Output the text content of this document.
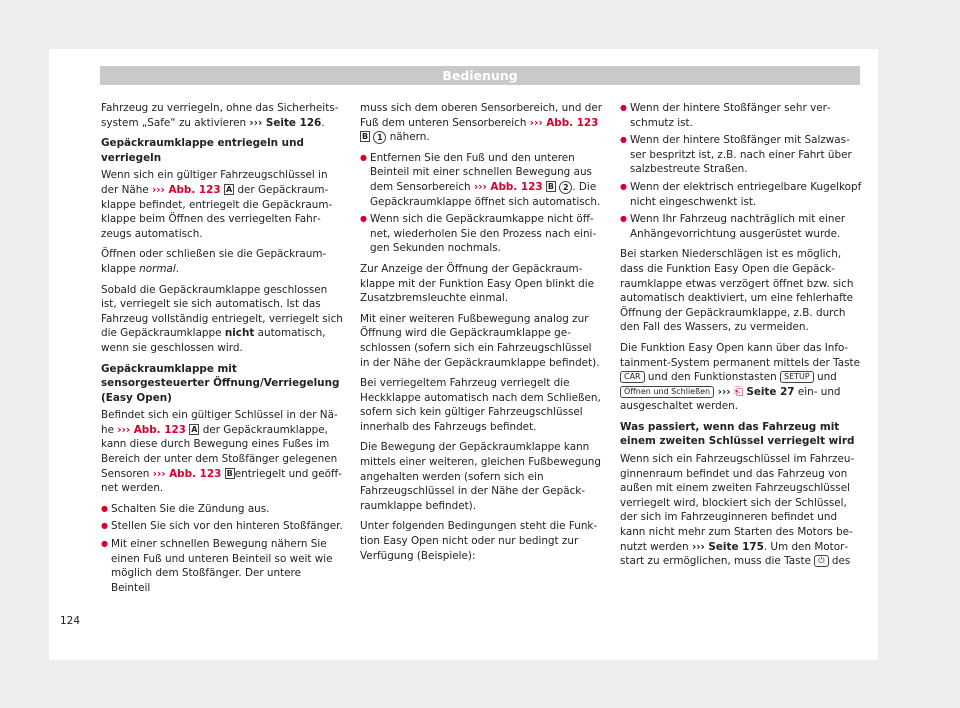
Bedienung

Fahrzeug zu verriegeln, ohne das Sicherheitssystem „Safe“ zu aktivieren ››› Seite 126.

Gepäckraumklappe entriegeln und verriegeln

Wenn sich ein gültiger Fahrzeugschlüssel in der Nähe ››› Abb. 123 A der Gepäckraumklappe befindet, entriegelt die Gepäckraumklappe beim Öffnen des verriegelten Fahrzeugs automatisch.

Öffnen oder schließen sie die Gepäckraumklappe normal.

Sobald die Gepäckraumklappe geschlossen ist, verriegelt sie sich automatisch. Ist das Fahrzeug vollständig entriegelt, verriegelt sich die Gepäckraumklappe nicht automatisch, wenn sie geschlossen wird.

Gepäckraumklappe mit sensorgesteuerter Öffnung/Verriegelung (Easy Open)

Befindet sich ein gültiger Schlüssel in der Nähe ››› Abb. 123 A der Gepäckraumklappe, kann diese durch Bewegung eines Fußes im Bereich der unter dem Stoßfänger gelegenen Sensoren ››› Abb. 123 B entriegelt und geöffnet werden.

● Schalten Sie die Zündung aus.
● Stellen Sie sich vor den hinteren Stoßfänger.
● Mit einer schnellen Bewegung nähern Sie einen Fuß und unteren Beinteil so weit wie möglich dem Stoßfänger. Der untere Beinteil

muss sich dem oberen Sensorbereich, und der Fuß dem unteren Sensorbereich ››› Abb. 123 B 1 nähern.

● Entfernen Sie den Fuß und den unteren Beinteil mit einer schnellen Bewegung aus dem Sensorbereich ››› Abb. 123 B 2 . Die Gepäckraumklappe öffnet sich automatisch.
● Wenn sich die Gepäckraumkappe nicht öffnet, wiederholen Sie den Prozess nach einigen Sekunden nochmals.

Zur Anzeige der Öffnung der Gepäckraumklappe mit der Funktion Easy Open blinkt die Zusatzbremsleuchte einmal.

Mit einer weiteren Fußbewegung analog zur Öffnung wird die Gepäckraumklappe geschlossen (sofern sich ein Fahrzeugschlüssel in der Nähe der Gepäckraumklappe befindet).

Bei verriegeltem Fahrzeug verriegelt die Heckklappe automatisch nach dem Schließen, sofern sich kein gültiger Fahrzeugschlüssel innerhalb des Fahrzeugs befindet.

Die Bewegung der Gepäckraumklappe kann mittels einer weiteren, gleichen Fußbewegung angehalten werden (sofern sich ein Fahrzeugschlüssel in der Nähe der Gepäckraumklappe befindet).

Unter folgenden Bedingungen steht die Funktion Easy Open nicht oder nur bedingt zur Verfügung (Beispiele):

● Wenn der hintere Stoßfänger sehr verschmutz ist.
● Wenn der hintere Stoßfänger mit Salzwasser bespritzt ist, z.B. nach einer Fahrt über salzbestreute Straßen.
● Wenn der elektrisch entriegelbare Kugelkopf nicht eingeschwenkt ist.
● Wenn Ihr Fahrzeug nachträglich mit einer Anhängevorrichtung ausgerüstet wurde.

Bei starken Niederschlägen ist es möglich, dass die Funktion Easy Open die Gepäckraumklappe etwas verzögert öffnet bzw. sich automatisch deaktiviert, um eine fehlerhafte Öffnung der Gepäckraumklappe, z.B. durch den Fall des Wassers, zu vermeiden.

Die Funktion Easy Open kann über das Infotainment-System permanent mittels der Taste CAR und den Funktionstasten SETUP und Öffnen und Schließen ››› ⎗ Seite 27 ein- und ausgeschaltet werden.

Was passiert, wenn das Fahrzeug mit einem zweiten Schlüssel verriegelt wird

Wenn sich ein Fahrzeugschlüssel im Fahrzeuginnenraum befindet und das Fahrzeug von außen mit einem zweiten Fahrzeugschlüssel verriegelt wird, blockiert sich der Schlüssel, der sich im Fahrzeuginneren befindet und kann nicht mehr zum Starten des Motors benutzt werden ››› Seite 175. Um den Motorstart zu ermöglichen, muss die Taste ⏻ des

124
